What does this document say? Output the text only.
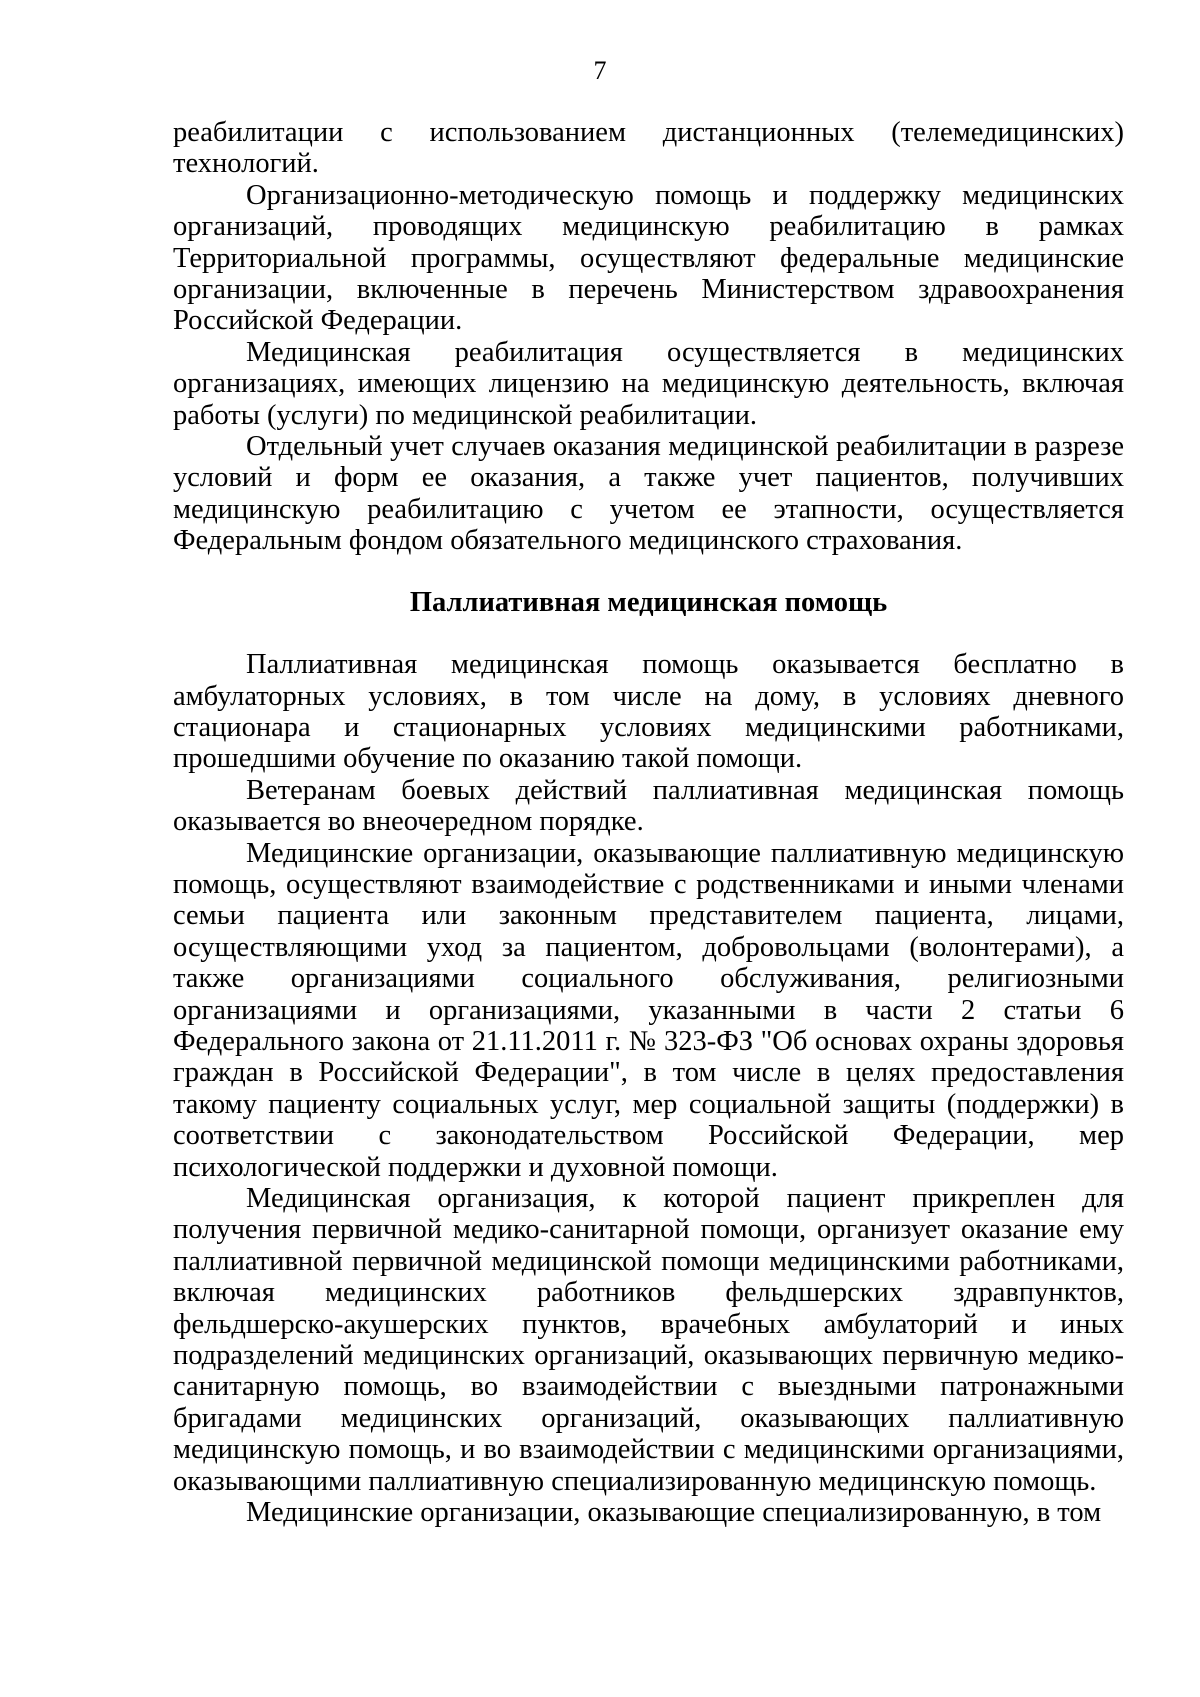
7

реабилитации с использованием дистанционных (телемедицинских) технологий.

Организационно-методическую помощь и поддержку медицинских организаций, проводящих медицинскую реабилитацию в рамках Территориальной программы, осуществляют федеральные медицинские организации, включенные в перечень Министерством здравоохранения Российской Федерации.

Медицинская реабилитация осуществляется в медицинских организациях, имеющих лицензию на медицинскую деятельность, включая работы (услуги) по медицинской реабилитации.

Отдельный учет случаев оказания медицинской реабилитации в разрезе условий и форм ее оказания, а также учет пациентов, получивших медицинскую реабилитацию с учетом ее этапности, осуществляется Федеральным фондом обязательного медицинского страхования.

Паллиативная медицинская помощь

Паллиативная медицинская помощь оказывается бесплатно в амбулаторных условиях, в том числе на дому, в условиях дневного стационара и стационарных условиях медицинскими работниками, прошедшими обучение по оказанию такой помощи.

Ветеранам боевых действий паллиативная медицинская помощь оказывается во внеочередном порядке.

Медицинские организации, оказывающие паллиативную медицинскую помощь, осуществляют взаимодействие с родственниками и иными членами семьи пациента или законным представителем пациента, лицами, осуществляющими уход за пациентом, добровольцами (волонтерами), а также организациями социального обслуживания, религиозными организациями и организациями, указанными в части 2 статьи 6 Федерального закона от 21.11.2011 г. № 323-ФЗ "Об основах охраны здоровья граждан в Российской Федерации", в том числе в целях предоставления такому пациенту социальных услуг, мер социальной защиты (поддержки) в соответствии с законодательством Российской Федерации, мер психологической поддержки и духовной помощи.

Медицинская организация, к которой пациент прикреплен для получения первичной медико-санитарной помощи, организует оказание ему паллиативной первичной медицинской помощи медицинскими работниками, включая медицинских работников фельдшерских здравпунктов, фельдшерско-акушерских пунктов, врачебных амбулаторий и иных подразделений медицинских организаций, оказывающих первичную медико-санитарную помощь, во взаимодействии с выездными патронажными бригадами медицинских организаций, оказывающих паллиативную медицинскую помощь, и во взаимодействии с медицинскими организациями, оказывающими паллиативную специализированную медицинскую помощь.

Медицинские организации, оказывающие специализированную, в том
